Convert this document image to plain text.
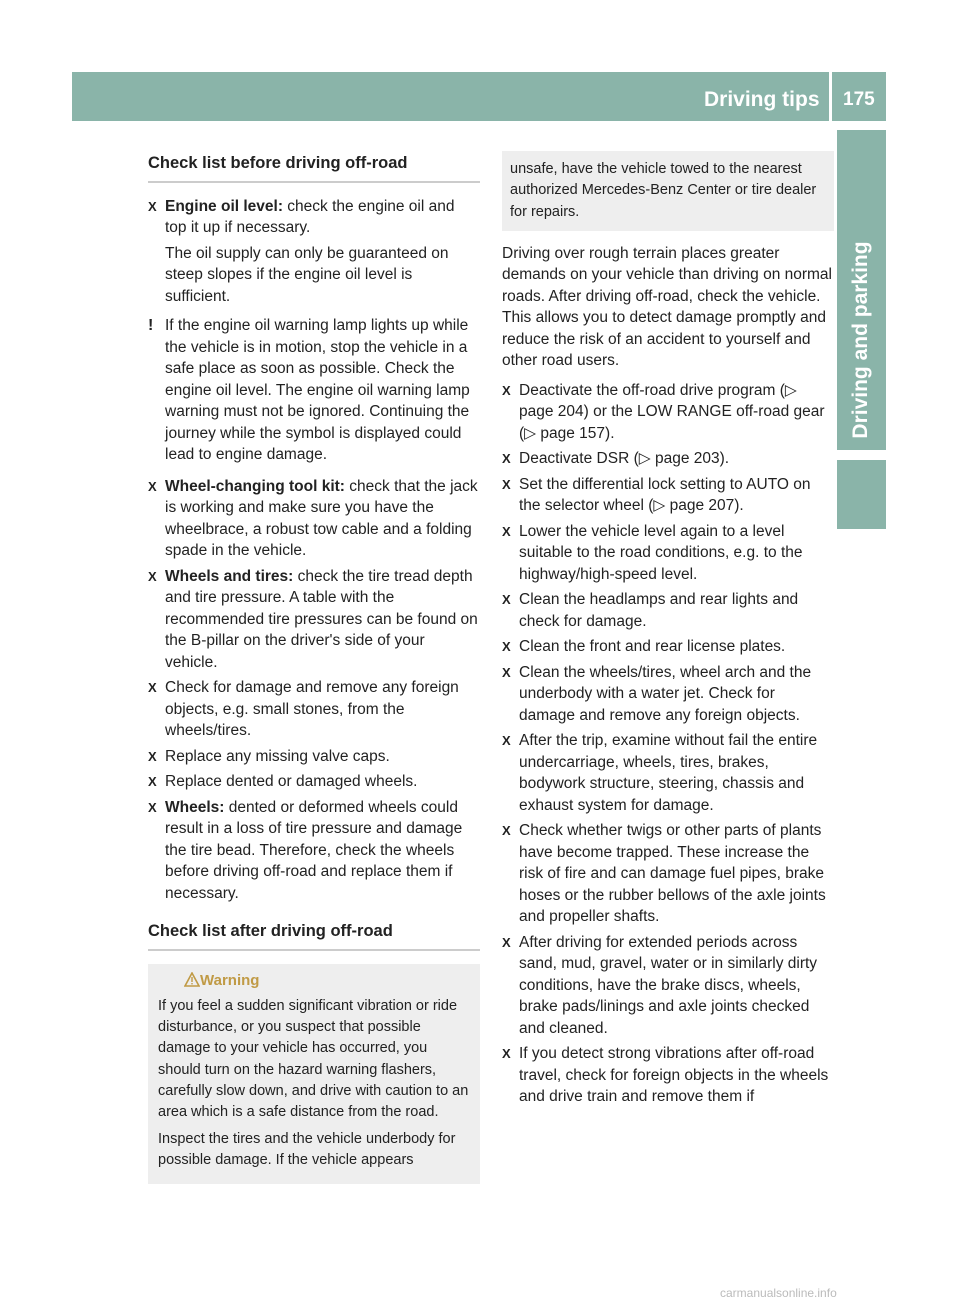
Driving tips 175
Driving and parking
Check list before driving off-road
X Engine oil level: check the engine oil and top it up if necessary.
The oil supply can only be guaranteed on steep slopes if the engine oil level is sufficient.
! If the engine oil warning lamp lights up while the vehicle is in motion, stop the vehicle in a safe place as soon as possible. Check the engine oil level. The engine oil warning lamp warning must not be ignored. Continuing the journey while the symbol is displayed could lead to engine damage.
X Wheel-changing tool kit: check that the jack is working and make sure you have the wheelbrace, a robust tow cable and a folding spade in the vehicle.
X Wheels and tires: check the tire tread depth and tire pressure. A table with the recommended tire pressures can be found on the B-pillar on the driver's side of your vehicle.
X Check for damage and remove any foreign objects, e.g. small stones, from the wheels/tires.
X Replace any missing valve caps.
X Replace dented or damaged wheels.
X Wheels: dented or deformed wheels could result in a loss of tire pressure and damage the tire bead. Therefore, check the wheels before driving off-road and replace them if necessary.
Check list after driving off-road
Warning
If you feel a sudden significant vibration or ride disturbance, or you suspect that possible damage to your vehicle has occurred, you should turn on the hazard warning flashers, carefully slow down, and drive with caution to an area which is a safe distance from the road.
Inspect the tires and the vehicle underbody for possible damage. If the vehicle appears
unsafe, have the vehicle towed to the nearest authorized Mercedes-Benz Center or tire dealer for repairs.
Driving over rough terrain places greater demands on your vehicle than driving on normal roads. After driving off-road, check the vehicle. This allows you to detect damage promptly and reduce the risk of an accident to yourself and other road users.
X Deactivate the off-road drive program (▷ page 204) or the LOW RANGE off-road gear (▷ page 157).
X Deactivate DSR (▷ page 203).
X Set the differential lock setting to AUTO on the selector wheel (▷ page 207).
X Lower the vehicle level again to a level suitable to the road conditions, e.g. to the highway/high-speed level.
X Clean the headlamps and rear lights and check for damage.
X Clean the front and rear license plates.
X Clean the wheels/tires, wheel arch and the underbody with a water jet. Check for damage and remove any foreign objects.
X After the trip, examine without fail the entire undercarriage, wheels, tires, brakes, bodywork structure, steering, chassis and exhaust system for damage.
X Check whether twigs or other parts of plants have become trapped. These increase the risk of fire and can damage fuel pipes, brake hoses or the rubber bellows of the axle joints and propeller shafts.
X After driving for extended periods across sand, mud, gravel, water or in similarly dirty conditions, have the brake discs, wheels, brake pads/linings and axle joints checked and cleaned.
X If you detect strong vibrations after off-road travel, check for foreign objects in the wheels and drive train and remove them if
carmanualsonline.info
